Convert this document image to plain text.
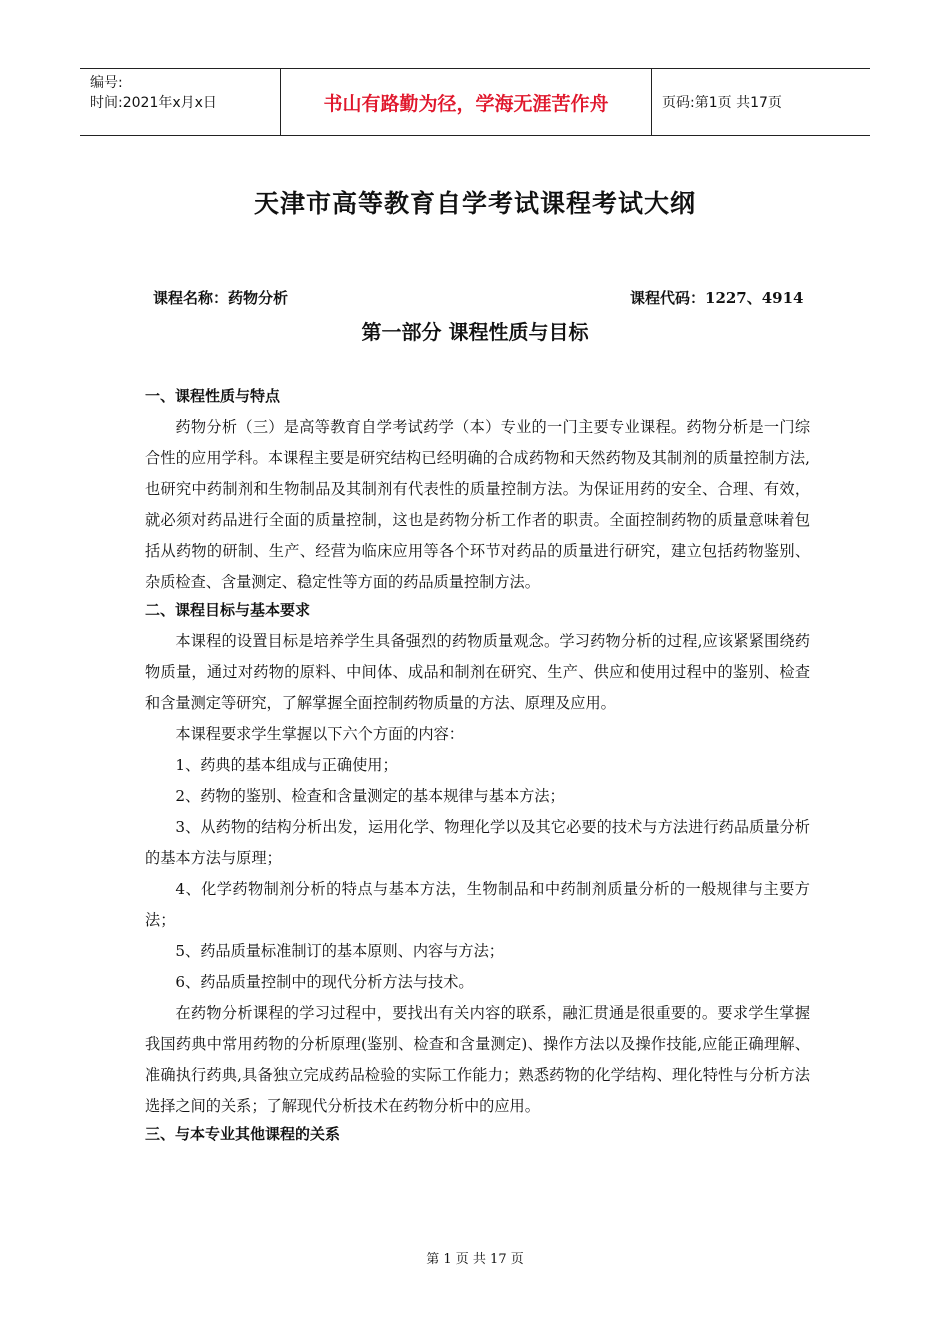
编号:
时间:2021年x月x日	书山有路勤为径，学海无涯苦作舟	页码:第1页 共17页
天津市高等教育自学考试课程考试大纲
课程名称：药物分析	课程代码：1227、4914
第一部分 课程性质与目标
一、课程性质与特点

药物分析（三）是高等教育自学考试药学（本）专业的一门主要专业课程。药物分析是一门综合性的应用学科。本课程主要是研究结构已经明确的合成药物和天然药物及其制剂的质量控制方法,也研究中药制剂和生物制品及其制剂有代表性的质量控制方法。为保证用药的安全、合理、有效，就必须对药品进行全面的质量控制，这也是药物分析工作者的职责。全面控制药物的质量意味着包括从药物的研制、生产、经营为临床应用等各个环节对药品的质量进行研究，建立包括药物鉴别、杂质检查、含量测定、稳定性等方面的药品质量控制方法。

二、课程目标与基本要求

本课程的设置目标是培养学生具备强烈的药物质量观念。学习药物分析的过程,应该紧紧围绕药物质量，通过对药物的原料、中间体、成品和制剂在研究、生产、供应和使用过程中的鉴别、检查和含量测定等研究，了解掌握全面控制药物质量的方法、原理及应用。

本课程要求学生掌握以下六个方面的内容：

1、药典的基本组成与正确使用；

2、药物的鉴别、检查和含量测定的基本规律与基本方法；

3、从药物的结构分析出发，运用化学、物理化学以及其它必要的技术与方法进行药品质量分析的基本方法与原理；

4、化学药物制剂分析的特点与基本方法，生物制品和中药制剂质量分析的一般规律与主要方法；

5、药品质量标准制订的基本原则、内容与方法；

6、药品质量控制中的现代分析方法与技术。

在药物分析课程的学习过程中，要找出有关内容的联系，融汇贯通是很重要的。要求学生掌握我国药典中常用药物的分析原理(鉴别、检查和含量测定)、操作方法以及操作技能,应能正确理解、准确执行药典,具备独立完成药品检验的实际工作能力；熟悉药物的化学结构、理化特性与分析方法选择之间的关系；了解现代分析技术在药物分析中的应用。

三、与本专业其他课程的关系
第 1 页 共 17 页
